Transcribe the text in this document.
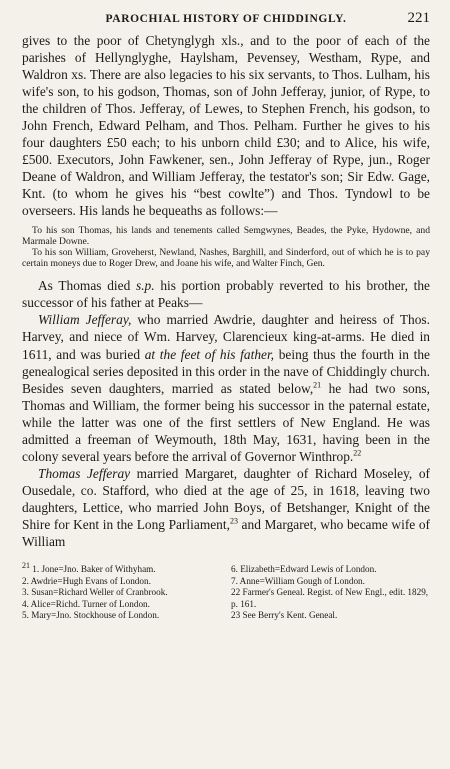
PAROCHIAL HISTORY OF CHIDDINGLY.	221

gives to the poor of Chetynglygh xls., and to the poor of each of the parishes of Hellynglyghe, Haylsham, Pevensey, Westham, Rype, and Waldron xs. There are also legacies to his six servants, to Thos. Lulham, his wife's son, to his godson, Thomas, son of John Jefferay, junior, of Rype, to the children of Thos. Jefferay, of Lewes, to Stephen French, his godson, to John French, Edward Pelham, and Thos. Pelham. Further he gives to his four daughters £50 each; to his unborn child £30; and to Alice, his wife, £500. Executors, John Fawkener, sen., John Jefferay of Rype, jun., Roger Deane of Waldron, and William Jefferay, the testator's son; Sir Edw. Gage, Knt. (to whom he gives his “best cowlte”) and Thos. Tyndowl to be overseers. His lands he bequeaths as follows:—

To his son Thomas, his lands and tenements called Semgwynes, Beades, the Pyke, Hydowne, and Marmale Downe.

To his son William, Groveherst, Newland, Nashes, Barghill, and Sinderford, out of which he is to pay certain moneys due to Roger Drew, and Joane his wife, and Walter Finch, Gen.

As Thomas died s.p. his portion probably reverted to his brother, the successor of his father at Peaks—

William Jefferay, who married Awdrie, daughter and heiress of Thos. Harvey, and niece of Wm. Harvey, Clarencieux king-at-arms. He died in 1611, and was buried at the feet of his father, being thus the fourth in the genealogical series deposited in this order in the nave of Chiddingly church. Besides seven daughters, married as stated below,$^{21}$ he had two sons, Thomas and William, the former being his successor in the paternal estate, while the latter was one of the first settlers of New England. He was admitted a freeman of Weymouth, 18th May, 1631, having been in the colony several years before the arrival of Governor Winthrop.$^{22}$

Thomas Jefferay married Margaret, daughter of Richard Moseley, of Ousedale, co. Stafford, who died at the age of 25, in 1618, leaving two daughters, Lettice, who married John Boys, of Betshanger, Knight of the Shire for Kent in the Long Parliament,$^{23}$ and Margaret, who became wife of William

$^{21}$ 1. Jone=Jno. Baker of Withyham.
2. Awdrie=Hugh Evans of London.
3. Susan=Richard Weller of Cranbrook.
4. Alice=Richd. Turner of London.
5. Mary=Jno. Stockhouse of London.
6. Elizabeth=Edward Lewis of London.
7. Anne=William Gough of London.
22 Farmer's Geneal. Regist. of New Engl., edit. 1829, p. 161.
23 See Berry's Kent. Geneal.
